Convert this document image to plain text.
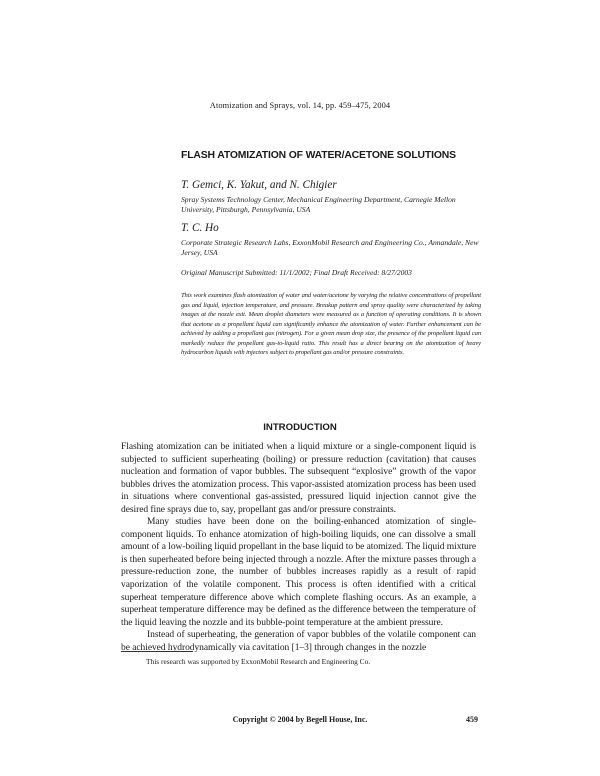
Atomization and Sprays, vol. 14, pp. 459–475, 2004
FLASH ATOMIZATION OF WATER/ACETONE SOLUTIONS
T. Gemci, K. Yakut, and N. Chigier
Spray Systems Technology Center, Mechanical Engineering Department, Carnegie Mellon University, Pittsburgh, Pennsylvania, USA
T. C. Ho
Corporate Strategic Research Labs, ExxonMobil Research and Engineering Co., Annandale, New Jersey, USA
Original Manuscript Submitted: 11/1/2002; Final Draft Received: 8/27/2003
This work examines flash atomization of water and water/acetone by varying the relative concentrations of propellant gas and liquid, injection temperature, and pressure. Breakup pattern and spray quality were characterized by taking images at the nozzle exit. Mean droplet diameters were measured as a function of operating conditions. It is shown that acetone as a propellant liquid can significantly enhance the atomization of water. Further enhancement can be achieved by adding a propellant gas (nitrogen). For a given mean drop size, the presence of the propellant liquid can markedly reduce the propellant gas-to-liquid ratio. This result has a direct bearing on the atomization of heavy hydrocarbon liquids with injectors subject to propellant gas and/or pressure constraints.
INTRODUCTION

Flashing atomization can be initiated when a liquid mixture or a single-component liquid is subjected to sufficient superheating (boiling) or pressure reduction (cavitation) that causes nucleation and formation of vapor bubbles. The subsequent “explosive” growth of the vapor bubbles drives the atomization process. This vapor-assisted atomization process has been used in situations where conventional gas-assisted, pressured liquid injection cannot give the desired fine sprays due to, say, propellant gas and/or pressure constraints.

Many studies have been done on the boiling-enhanced atomization of single-component liquids. To enhance atomization of high-boiling liquids, one can dissolve a small amount of a low-boiling liquid propellant in the base liquid to be atomized. The liquid mixture is then superheated before being injected through a nozzle. After the mixture passes through a pressure-reduction zone, the number of bubbles increases rapidly as a result of rapid vaporization of the volatile component. This process is often identified with a critical superheat temperature difference above which complete flashing occurs. As an example, a superheat temperature difference may be defined as the difference between the temperature of the liquid leaving the nozzle and its bubble-point temperature at the ambient pressure.

Instead of superheating, the generation of vapor bubbles of the volatile component can be achieved hydrodynamically via cavitation [1–3] through changes in the nozzle

This research was supported by ExxonMobil Research and Engineering Co.
Copyright © 2004 by Begell House, Inc.	459
